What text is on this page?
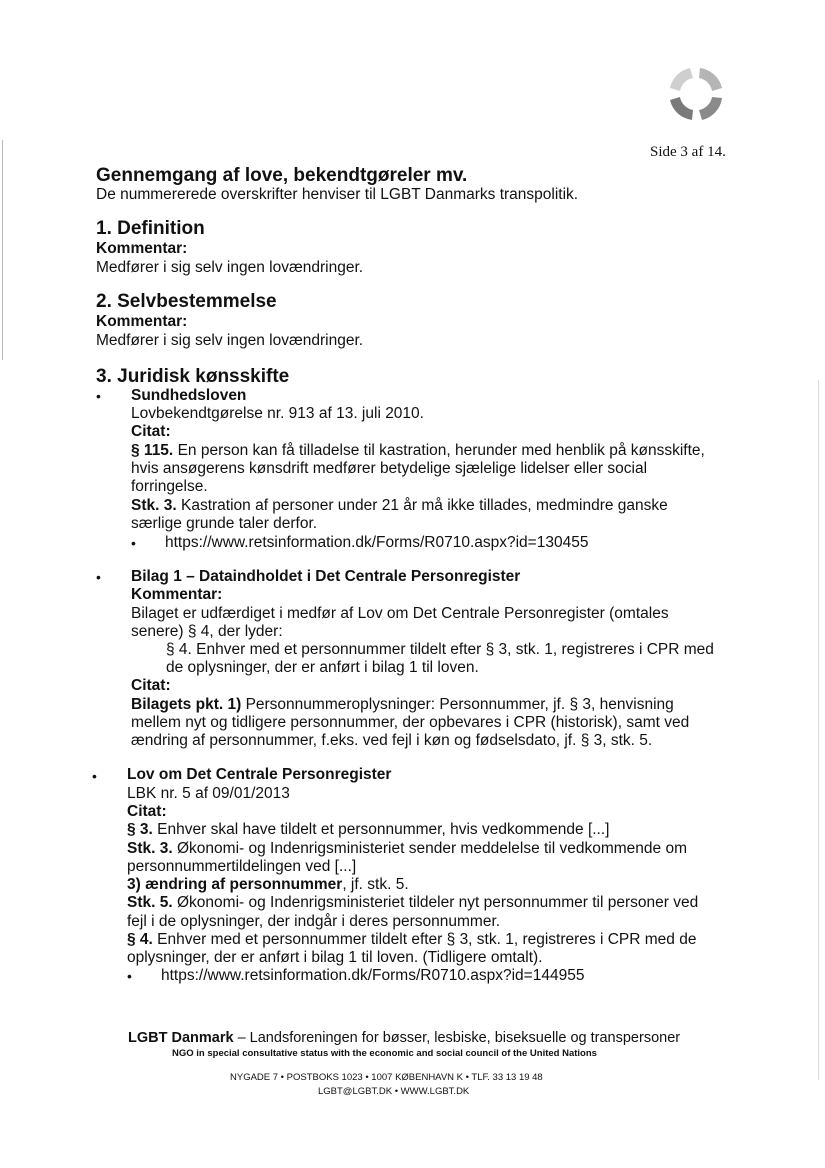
Side 3 af 14.
Gennemgang af love, bekendtgøreler mv.
De nummererede overskrifter henviser til LGBT Danmarks transpolitik.
1. Definition
Kommentar:
Medfører i sig selv ingen lovændringer.
2. Selvbestemmelse
Kommentar:
Medfører i sig selv ingen lovændringer.
3. Juridisk kønsskifte
• Sundhedsloven
Lovbekendtgørelse nr. 913 af 13. juli 2010.
Citat:
§ 115. En person kan få tilladelse til kastration, herunder med henblik på kønsskifte,
hvis ansøgerens kønsdrift medfører betydelige sjælelige lidelser eller social
forringelse.
Stk. 3. Kastration af personer under 21 år må ikke tillades, medmindre ganske
særlige grunde taler derfor.
• https://www.retsinformation.dk/Forms/R0710.aspx?id=130455
• Bilag 1 – Dataindholdet i Det Centrale Personregister
Kommentar:
Bilaget er udfærdiget i medfør af Lov om Det Centrale Personregister (omtales
senere) § 4, der lyder:
§ 4. Enhver med et personnummer tildelt efter § 3, stk. 1, registreres i CPR med
de oplysninger, der er anført i bilag 1 til loven.
Citat:
Bilagets pkt. 1) Personnummeroplysninger: Personnummer, jf. § 3, henvisning
mellem nyt og tidligere personnummer, der opbevares i CPR (historisk), samt ved
ændring af personnummer, f.eks. ved fejl i køn og fødselsdato, jf. § 3, stk. 5.
• Lov om Det Centrale Personregister
LBK nr. 5 af 09/01/2013
Citat:
§ 3. Enhver skal have tildelt et personnummer, hvis vedkommende [...]
Stk. 3. Økonomi- og Indenrigsministeriet sender meddelelse til vedkommende om
personnummertildelingen ved [...]
3) ændring af personnummer, jf. stk. 5.
Stk. 5. Økonomi- og Indenrigsministeriet tildeler nyt personnummer til personer ved
fejl i de oplysninger, der indgår i deres personnummer.
§ 4. Enhver med et personnummer tildelt efter § 3, stk. 1, registreres i CPR med de
oplysninger, der er anført i bilag 1 til loven. (Tidligere omtalt).
• https://www.retsinformation.dk/Forms/R0710.aspx?id=144955
LGBT Danmark – Landsforeningen for bøsser, lesbiske, biseksuelle og transpersoner
NGO in special consultative status with the economic and social council of the United Nations
NYGADE 7 • POSTBOKS 1023 • 1007 KØBENHAVN K • TLF. 33 13 19 48
LGBT@LGBT.DK • WWW.LGBT.DK
